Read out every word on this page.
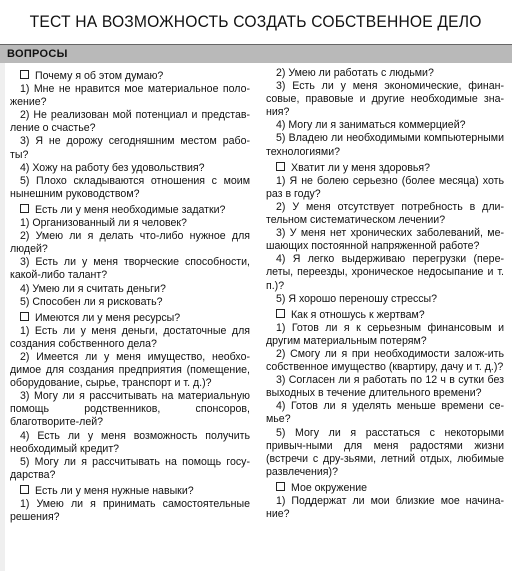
ТЕСТ НА ВОЗМОЖНОСТЬ СОЗДАТЬ СОБСТВЕННОЕ ДЕЛО
ВОПРОСЫ

Почему я об этом думаю?

1) Мне не нравится мое материальное поло-жение?

2) Не реализован мой потенциал и представ-ление о счастье?

3) Я не дорожу сегодняшним местом рабо-ты?

4) Хожу на работу без удовольствия?

5) Плохо складываются отношения с моим нынешним руководством?

Есть ли у меня необходимые задатки?

1) Организованный ли я человек?

2) Умею ли я делать что-либо нужное для людей?

3) Есть ли у меня творческие способности, какой-либо талант?

4) Умею ли я считать деньги?

5) Способен ли я рисковать?

Имеются ли у меня ресурсы?

1) Есть ли у меня деньги, достаточные для создания собственного дела?

2) Имеется ли у меня имущество, необхо-димое для создания предприятия (помещение, оборудование, сырье, транспорт и т. д.)?

3) Могу ли я рассчитывать на материальную помощь родственников, спонсоров, благотворите-лей?

4) Есть ли у меня возможность получить необходимый кредит?

5) Могу ли я рассчитывать на помощь госу-дарства?

Есть ли у меня нужные навыки?

1) Умею ли я принимать самостоятельные решения?

2) Умею ли работать с людьми?

3) Есть ли у меня экономические, финан-совые, правовые и другие необходимые зна-ния?

4) Могу ли я заниматься коммерцией?

5) Владею ли необходимыми компьютерными технологиями?

Хватит ли у меня здоровья?

1) Я не болею серьезно (более месяца) хоть раз в году?

2) У меня отсутствует потребность в дли-тельном систематическом лечении?

3) У меня нет хронических заболеваний, ме-шающих постоянной напряженной работе?

4) Я легко выдерживаю перегрузки (пере-леты, переезды, хроническое недосыпание и т. п.)?

5) Я хорошо переношу стрессы?

Как я отношусь к жертвам?

1) Готов ли я к серьезным финансовым и другим материальным потерям?

2) Смогу ли я при необходимости залож-ить собственное имущество (квартиру, дачу и т. д.)?

3) Согласен ли я работать по 12 ч в сутки без выходных в течение длительного времени?

4) Готов ли я уделять меньше времени се-мье?

5) Могу ли я расстаться с некоторыми привыч-ными для меня радостями жизни (встречи с дру-зьями, летний отдых, любимые развлечения)?

Мое окружение

1) Поддержат ли мои близкие мое начина-ние?
